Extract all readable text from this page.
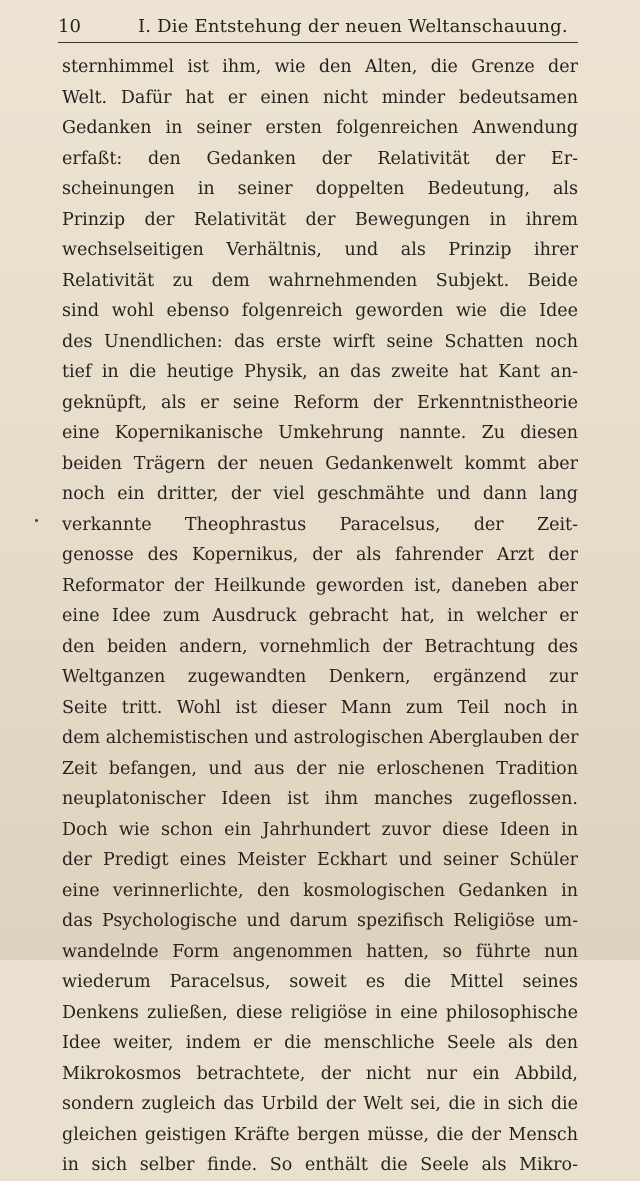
10	I. Die Entstehung der neuen Weltanschauung.
sternhimmel ist ihm, wie den Alten, die Grenze der
Welt. Dafür hat er einen nicht minder bedeutsamen
Gedanken in seiner ersten folgenreichen Anwendung
erfaßt: den Gedanken der Relativität der Er-
scheinungen in seiner doppelten Bedeutung, als
Prinzip der Relativität der Bewegungen in ihrem
wechselseitigen Verhältnis, und als Prinzip ihrer
Relativität zu dem wahrnehmenden Subjekt. Beide
sind wohl ebenso folgenreich geworden wie die Idee
des Unendlichen: das erste wirft seine Schatten noch
tief in die heutige Physik, an das zweite hat Kant an-
geknüpft, als er seine Reform der Erkenntnistheorie
eine Kopernikanische Umkehrung nannte. Zu diesen
beiden Trägern der neuen Gedankenwelt kommt aber
noch ein dritter, der viel geschmähte und dann lang
verkannte Theophrastus Paracelsus, der Zeit-
genosse des Kopernikus, der als fahrender Arzt der
Reformator der Heilkunde geworden ist, daneben aber
eine Idee zum Ausdruck gebracht hat, in welcher er
den beiden andern, vornehmlich der Betrachtung des
Weltganzen zugewandten Denkern, ergänzend zur
Seite tritt. Wohl ist dieser Mann zum Teil noch in
dem alchemistischen und astrologischen Aberglauben der
Zeit befangen, und aus der nie erloschenen Tradition
neuplatonischer Ideen ist ihm manches zugeflossen.
Doch wie schon ein Jahrhundert zuvor diese Ideen in
der Predigt eines Meister Eckhart und seiner Schüler
eine verinnerlichte, den kosmologischen Gedanken in
das Psychologische und darum spezifisch Religiöse um-
wandelnde Form angenommen hatten, so führte nun
wiederum Paracelsus, soweit es die Mittel seines
Denkens zuließen, diese religiöse in eine philosophische
Idee weiter, indem er die menschliche Seele als den
Mikrokosmos betrachtete, der nicht nur ein Abbild,
sondern zugleich das Urbild der Welt sei, die in sich die
gleichen geistigen Kräfte bergen müsse, die der Mensch
in sich selber finde. So enthält die Seele als Mikro-
